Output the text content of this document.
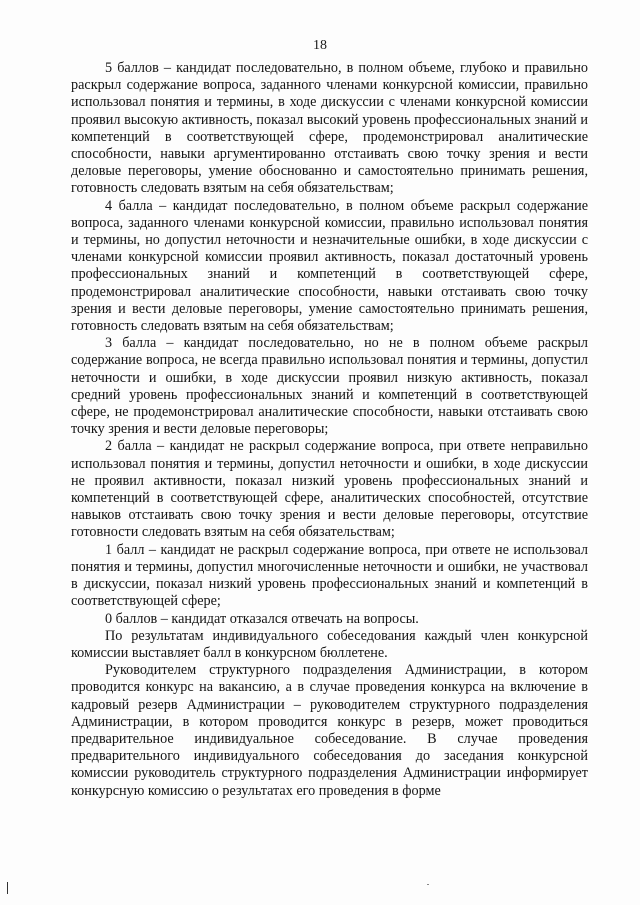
18

5 баллов – кандидат последовательно, в полном объеме, глубоко и правильно раскрыл содержание вопроса, заданного членами конкурсной комиссии, правильно использовал понятия и термины, в ходе дискуссии с членами конкурсной комиссии проявил высокую активность, показал высокий уровень профессиональных знаний и компетенций в соответствующей сфере, продемонстрировал аналитические способности, навыки аргументированно отстаивать свою точку зрения и вести деловые переговоры, умение обоснованно и самостоятельно принимать решения, готовность следовать взятым на себя обязательствам;

4 балла – кандидат последовательно, в полном объеме раскрыл содержание вопроса, заданного членами конкурсной комиссии, правильно использовал понятия и термины, но допустил неточности и незначительные ошибки, в ходе дискуссии с членами конкурсной комиссии проявил активность, показал достаточный уровень профессиональных знаний и компетенций в соответствующей сфере, продемонстрировал аналитические способности, навыки отстаивать свою точку зрения и вести деловые переговоры, умение самостоятельно принимать решения, готовность следовать взятым на себя обязательствам;

3 балла – кандидат последовательно, но не в полном объеме раскрыл содержание вопроса, не всегда правильно использовал понятия и термины, допустил неточности и ошибки, в ходе дискуссии проявил низкую активность, показал средний уровень профессиональных знаний и компетенций в соответствующей сфере, не продемонстрировал аналитические способности, навыки отстаивать свою точку зрения и вести деловые переговоры;

2 балла – кандидат не раскрыл содержание вопроса, при ответе неправильно использовал понятия и термины, допустил неточности и ошибки, в ходе дискуссии не проявил активности, показал низкий уровень профессиональных знаний и компетенций в соответствующей сфере, аналитических способностей, отсутствие навыков отстаивать свою точку зрения и вести деловые переговоры, отсутствие готовности следовать взятым на себя обязательствам;

1 балл – кандидат не раскрыл содержание вопроса, при ответе не использовал понятия и термины, допустил многочисленные неточности и ошибки, не участвовал в дискуссии, показал низкий уровень профессиональных знаний и компетенций в соответствующей сфере;

0 баллов – кандидат отказался отвечать на вопросы.

По результатам индивидуального собеседования каждый член конкурсной комиссии выставляет балл в конкурсном бюллетене.

Руководителем структурного подразделения Администрации, в котором проводится конкурс на вакансию, а в случае проведения конкурса на включение в кадровый резерв Администрации – руководителем структурного подразделения Администрации, в котором проводится конкурс в резерв, может проводиться предварительное индивидуальное собеседование. В случае проведения предварительного индивидуального собеседования до заседания конкурсной комиссии руководитель структурного подразделения Администрации информирует конкурсную комиссию о результатах его проведения в форме
